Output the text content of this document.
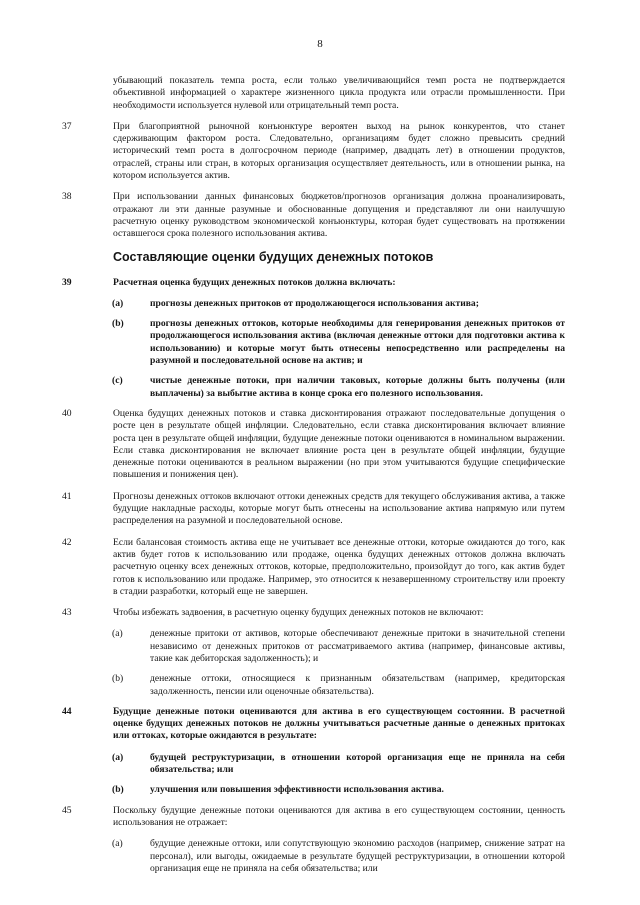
8
убывающий показатель темпа роста, если только увеличивающийся темп роста не подтверждается объективной информацией о характере жизненного цикла продукта или отрасли промышленности. При необходимости используется нулевой или отрицательный темп роста.
37	При благоприятной рыночной конъюнктуре вероятен выход на рынок конкурентов, что станет сдерживающим фактором роста. Следовательно, организациям будет сложно превысить средний исторический темп роста в долгосрочном периоде (например, двадцать лет) в отношении продуктов, отраслей, страны или стран, в которых организация осуществляет деятельность, или в отношении рынка, на котором используется актив.
38	При использовании данных финансовых бюджетов/прогнозов организация должна проанализировать, отражают ли эти данные разумные и обоснованные допущения и представляют ли они наилучшую расчетную оценку руководством экономической конъюнктуры, которая будет существовать на протяжении оставшегося срока полезного использования актива.
Составляющие оценки будущих денежных потоков
39	Расчетная оценка будущих денежных потоков должна включать:
(a)	прогнозы денежных притоков от продолжающегося использования актива;
(b)	прогнозы денежных оттоков, которые необходимы для генерирования денежных притоков от продолжающегося использования актива (включая денежные оттоки для подготовки актива к использованию) и которые могут быть отнесены непосредственно или распределены на разумной и последовательной основе на актив; и
(c)	чистые денежные потоки, при наличии таковых, которые должны быть получены (или выплачены) за выбытие актива в конце срока его полезного использования.
40	Оценка будущих денежных потоков и ставка дисконтирования отражают последовательные допущения о росте цен в результате общей инфляции. Следовательно, если ставка дисконтирования включает влияние роста цен в результате общей инфляции, будущие денежные потоки оцениваются в номинальном выражении. Если ставка дисконтирования не включает влияние роста цен в результате общей инфляции, будущие денежные потоки оцениваются в реальном выражении (но при этом учитываются будущие специфические повышения и понижения цен).
41	Прогнозы денежных оттоков включают оттоки денежных средств для текущего обслуживания актива, а также будущие накладные расходы, которые могут быть отнесены на использование актива напрямую или путем распределения на разумной и последовательной основе.
42	Если балансовая стоимость актива еще не учитывает все денежные оттоки, которые ожидаются до того, как актив будет готов к использованию или продаже, оценка будущих денежных оттоков должна включать расчетную оценку всех денежных оттоков, которые, предположительно, произойдут до того, как актив будет готов к использованию или продаже. Например, это относится к незавершенному строительству или проекту в стадии разработки, который еще не завершен.
43	Чтобы избежать задвоения, в расчетную оценку будущих денежных потоков не включают:
(a)	денежные притоки от активов, которые обеспечивают денежные притоки в значительной степени независимо от денежных притоков от рассматриваемого актива (например, финансовые активы, такие как дебиторская задолженность); и
(b)	денежные оттоки, относящиеся к признанным обязательствам (например, кредиторская задолженность, пенсии или оценочные обязательства).
44	Будущие денежные потоки оцениваются для актива в его существующем состоянии. В расчетной оценке будущих денежных потоков не должны учитываться расчетные данные о денежных притоках или оттоках, которые ожидаются в результате:
(a)	будущей реструктуризации, в отношении которой организация еще не приняла на себя обязательства; или
(b)	улучшения или повышения эффективности использования актива.
45	Поскольку будущие денежные потоки оцениваются для актива в его существующем состоянии, ценность использования не отражает:
(a)	будущие денежные оттоки, или сопутствующую экономию расходов (например, снижение затрат на персонал), или выгоды, ожидаемые в результате будущей реструктуризации, в отношении которой организация еще не приняла на себя обязательства; или
